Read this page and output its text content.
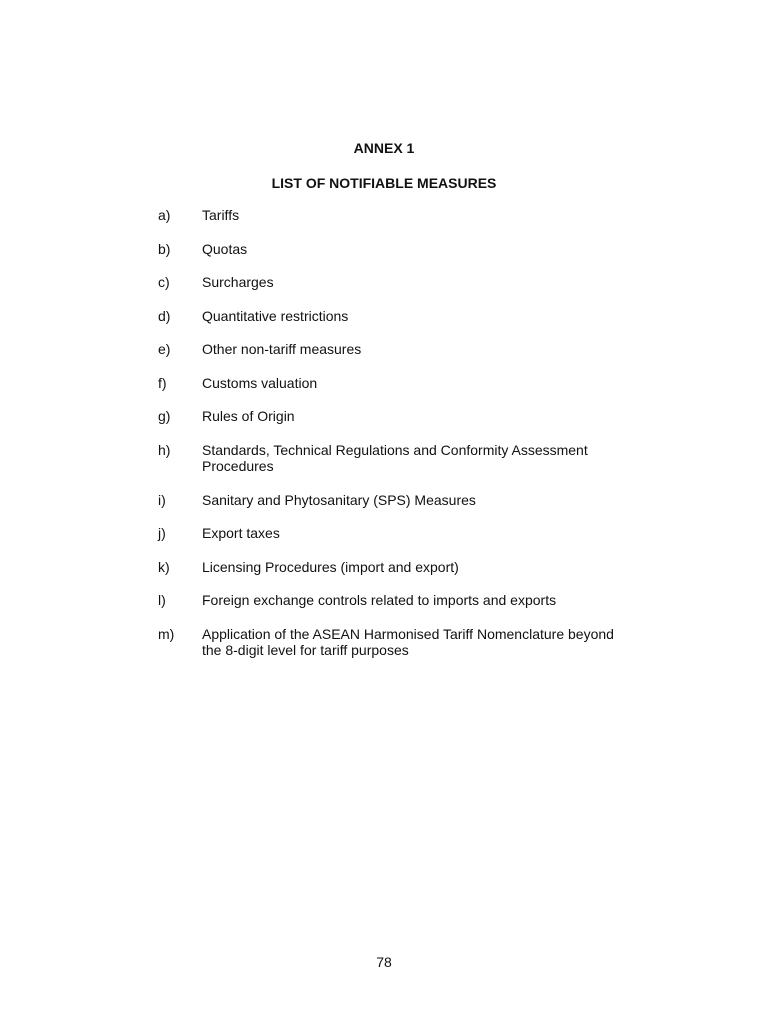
ANNEX 1
LIST OF NOTIFIABLE MEASURES
a)	Tariffs
b)	Quotas
c)	Surcharges
d)	Quantitative restrictions
e)	Other non-tariff measures
f)	Customs valuation
g)	Rules of Origin
h)	Standards, Technical Regulations and Conformity Assessment Procedures
i)	Sanitary and Phytosanitary (SPS) Measures
j)	Export taxes
k)	Licensing Procedures (import and export)
l)	Foreign exchange controls related to imports and exports
m)	Application of the ASEAN Harmonised Tariff Nomenclature beyond the 8-digit level for tariff purposes
78
